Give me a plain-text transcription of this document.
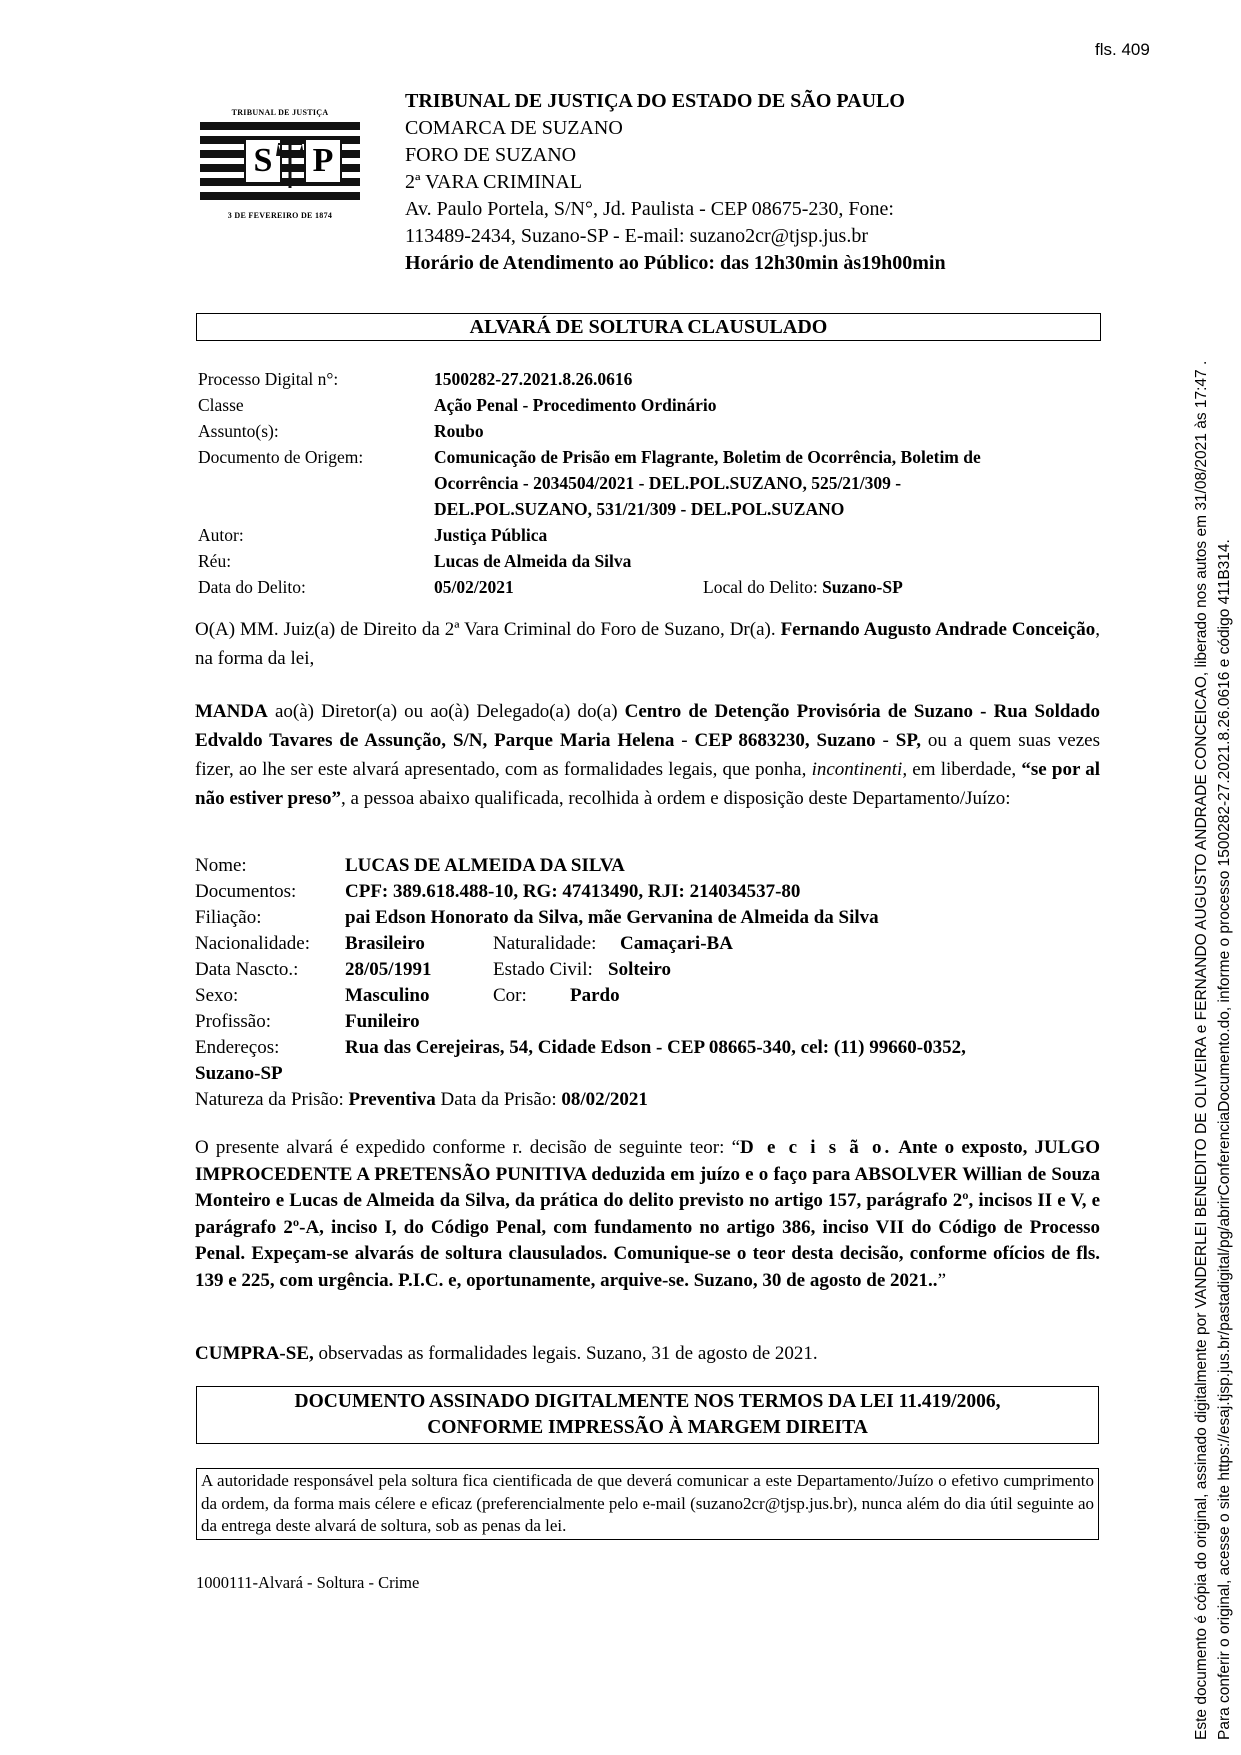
fls. 409
TRIBUNAL DE JUSTIÇA
S P
3 DE FEVEREIRO DE 1874
TRIBUNAL DE JUSTIÇA DO ESTADO DE SÃO PAULO
COMARCA DE SUZANO
FORO DE SUZANO
2ª VARA CRIMINAL
Av. Paulo Portela, S/N°, Jd. Paulista - CEP 08675-230, Fone:
113489-2434, Suzano-SP - E-mail: suzano2cr@tjsp.jus.br
Horário de Atendimento ao Público: das 12h30min às19h00min
ALVARÁ DE SOLTURA CLAUSULADO
Processo Digital n°:	1500282-27.2021.8.26.0616
Classe	Ação Penal - Procedimento Ordinário
Assunto(s):	Roubo
Documento de Origem:	Comunicação de Prisão em Flagrante, Boletim de Ocorrência, Boletim de
Ocorrência - 2034504/2021 - DEL.POL.SUZANO, 525/21/309 -
DEL.POL.SUZANO, 531/21/309 - DEL.POL.SUZANO
Autor:	Justiça Pública
Réu:	Lucas de Almeida da Silva
Data do Delito:	05/02/2021	Local do Delito: Suzano-SP
O(A) MM. Juiz(a) de Direito da 2ª Vara Criminal do Foro de Suzano, Dr(a). Fernando Augusto Andrade Conceição, na forma da lei,
MANDA ao(à) Diretor(a) ou ao(à) Delegado(a) do(a) Centro de Detenção Provisória de Suzano - Rua Soldado Edvaldo Tavares de Assunção, S/N, Parque Maria Helena - CEP 8683230, Suzano - SP, ou a quem suas vezes fizer, ao lhe ser este alvará apresentado, com as formalidades legais, que ponha, incontinenti, em liberdade, “se por al não estiver preso”, a pessoa abaixo qualificada, recolhida à ordem e disposição deste Departamento/Juízo:
Nome:	LUCAS DE ALMEIDA DA SILVA
Documentos:	CPF: 389.618.488-10, RG: 47413490, RJI: 214034537-80
Filiação:	pai Edson Honorato da Silva, mãe Gervanina de Almeida da Silva
Nacionalidade: Brasileiro	Naturalidade: Camaçari-BA
Data Nascto.: 28/05/1991	Estado Civil: Solteiro
Sexo:	Masculino	Cor: Pardo
Profissão:	Funileiro
Endereços:	Rua das Cerejeiras, 54, Cidade Edson - CEP 08665-340, cel: (11) 99660-0352,
Suzano-SP
Natureza da Prisão: Preventiva Data da Prisão: 08/02/2021
O presente alvará é expedido conforme r. decisão de seguinte teor: “D e c i s ã o. Ante o exposto, JULGO IMPROCEDENTE A PRETENSÃO PUNITIVA deduzida em juízo e o faço para ABSOLVER Willian de Souza Monteiro e Lucas de Almeida da Silva, da prática do delito previsto no artigo 157, parágrafo 2º, incisos II e V, e parágrafo 2º-A, inciso I, do Código Penal, com fundamento no artigo 386, inciso VII do Código de Processo Penal. Expeçam-se alvarás de soltura clausulados. Comunique-se o teor desta decisão, conforme ofícios de fls. 139 e 225, com urgência. P.I.C. e, oportunamente, arquive-se. Suzano, 30 de agosto de 2021..”
CUMPRA-SE, observadas as formalidades legais. Suzano, 31 de agosto de 2021.
DOCUMENTO ASSINADO DIGITALMENTE NOS TERMOS DA LEI 11.419/2006,
CONFORME IMPRESSÃO À MARGEM DIREITA
A autoridade responsável pela soltura fica cientificada de que deverá comunicar a este Departamento/Juízo o efetivo cumprimento da ordem, da forma mais célere e eficaz (preferencialmente pelo e-mail (suzano2cr@tjsp.jus.br), nunca além do dia útil seguinte ao da entrega deste alvará de soltura, sob as penas da lei.
1000111-Alvará - Soltura - Crime	Este documento é cópia do original, assinado digitalmente por VANDERLEI BENEDITO DE OLIVEIRA e FERNANDO AUGUSTO ANDRADE CONCEICAO, liberado nos autos em 31/08/2021 às 17:47 . Para conferir o original, acesse o site https://esaj.tjsp.jus.br/pastadigital/pg/abrirConferenciaDocumento.do, informe o processo 1500282-27.2021.8.26.0616 e código 411B314.
